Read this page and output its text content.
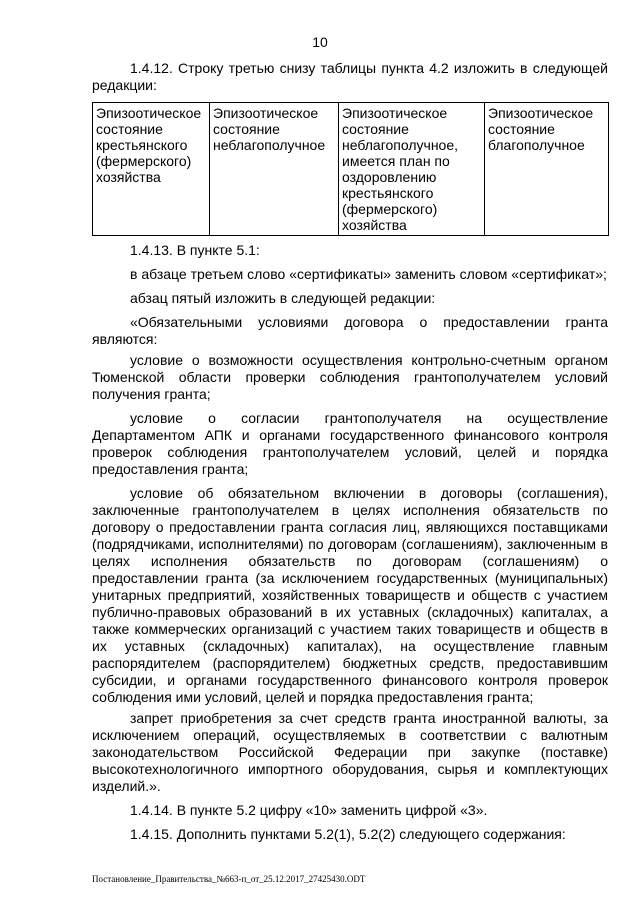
10

1.4.12. Строку третью снизу таблицы пункта 4.2 изложить в следующей редакции:

Эпизоотическое состояние крестьянского (фермерского) хозяйства	Эпизоотическое состояние неблагополучное	Эпизоотическое состояние неблагополучное, имеется план по оздоровлению крестьянского (фермерского) хозяйства	Эпизоотическое состояние благополучное

1.4.13. В пункте 5.1:

в абзаце третьем слово «сертификаты» заменить словом «сертификат»;

абзац пятый изложить в следующей редакции:

«Обязательными условиями договора о предоставлении гранта являются:

условие о возможности осуществления контрольно-счетным органом Тюменской области проверки соблюдения грантополучателем условий получения гранта;

условие о согласии грантополучателя на осуществление Департаментом АПК и органами государственного финансового контроля проверок соблюдения грантополучателем условий, целей и порядка предоставления гранта;

условие об обязательном включении в договоры (соглашения), заключенные грантополучателем в целях исполнения обязательств по договору о предоставлении гранта согласия лиц, являющихся поставщиками (подрядчиками, исполнителями) по договорам (соглашениям), заключенным в целях исполнения обязательств по договорам (соглашениям) о предоставлении гранта (за исключением государственных (муниципальных) унитарных предприятий, хозяйственных товариществ и обществ с участием публично-правовых образований в их уставных (складочных) капиталах, а также коммерческих организаций с участием таких товариществ и обществ в их уставных (складочных) капиталах), на осуществление главным распорядителем (распорядителем) бюджетных средств, предоставившим субсидии, и органами государственного финансового контроля проверок соблюдения ими условий, целей и порядка предоставления гранта;

запрет приобретения за счет средств гранта иностранной валюты, за исключением операций, осуществляемых в соответствии с валютным законодательством Российской Федерации при закупке (поставке) высокотехнологичного импортного оборудования, сырья и комплектующих изделий.».

1.4.14. В пункте 5.2 цифру «10» заменить цифрой «3».

1.4.15. Дополнить пунктами 5.2(1), 5.2(2) следующего содержания:

Постановление_Правительства_№663-п_от_25.12.2017_27425430.ODT
